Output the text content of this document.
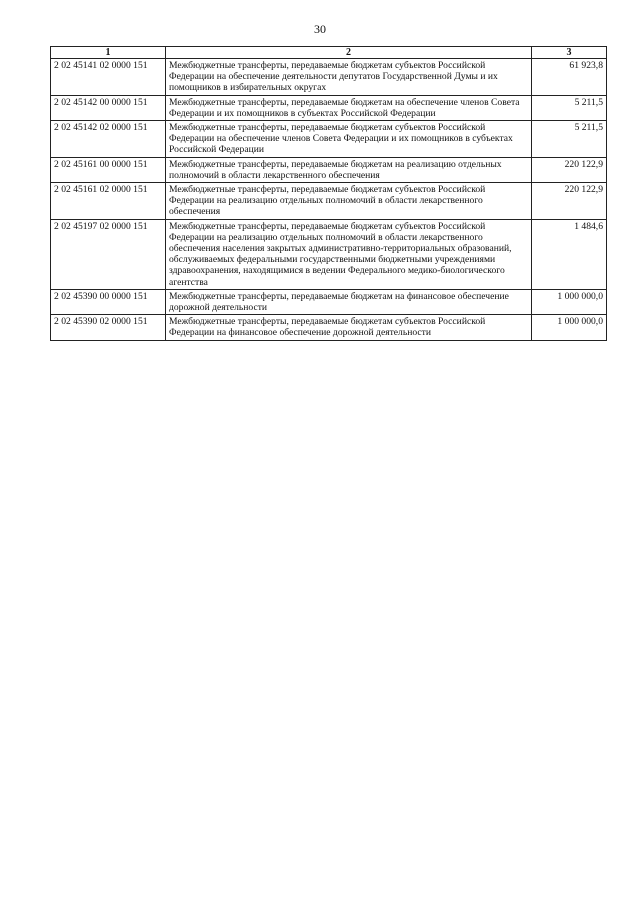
30
1	2	3
2 02 45141 02 0000 151	Межбюджетные трансферты, передаваемые бюджетам субъектов Российской Федерации на обеспечение деятельности депутатов Государственной Думы и их помощников в избирательных округах	61 923,8
2 02 45142 00 0000 151	Межбюджетные трансферты, передаваемые бюджетам на обеспечение членов Совета Федерации и их помощников в субъектах Российской Федерации	5 211,5
2 02 45142 02 0000 151	Межбюджетные трансферты, передаваемые бюджетам субъектов Российской Федерации на обеспечение членов Совета Федерации и их помощников в субъектах Российской Федерации	5 211,5
2 02 45161 00 0000 151	Межбюджетные трансферты, передаваемые бюджетам на реализацию отдельных полномочий в области лекарственного обеспечения	220 122,9
2 02 45161 02 0000 151	Межбюджетные трансферты, передаваемые бюджетам субъектов Российской Федерации на реализацию отдельных полномочий в области лекарственного обеспечения	220 122,9
2 02 45197 02 0000 151	Межбюджетные трансферты, передаваемые бюджетам субъектов Российской Федерации на реализацию отдельных полномочий в области лекарственного обеспечения населения закрытых административно-территориальных образований, обслуживаемых федеральными государственными бюджетными учреждениями здравоохранения, находящимися в ведении Федерального медико-биологического агентства	1 484,6
2 02 45390 00 0000 151	Межбюджетные трансферты, передаваемые бюджетам на финансовое обеспечение дорожной деятельности	1 000 000,0
2 02 45390 02 0000 151	Межбюджетные трансферты, передаваемые бюджетам субъектов Российской Федерации на финансовое обеспечение дорожной деятельности	1 000 000,0
